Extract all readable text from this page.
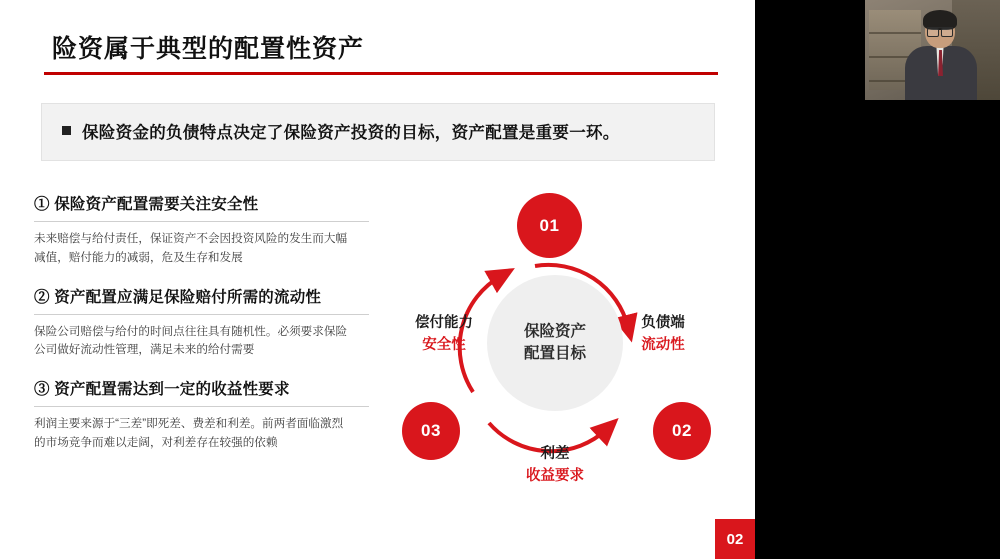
险资属于典型的配置性资产
保险资金的负债特点决定了保险资产投资的目标，资产配置是重要一环。
① 保险资产配置需要关注安全性
未来赔偿与给付责任，保证资产不会因投资风险的发生而大幅减值，赔付能力的减弱，危及生存和发展
② 资产配置应满足保险赔付所需的流动性
保险公司赔偿与给付的时间点往往具有随机性。必须要求保险公司做好流动性管理，满足未来的给付需要
③ 资产配置需达到一定的收益性要求
利润主要来源于“三差”即死差、费差和利差。前两者面临激烈的市场竞争而难以走阔，对利差存在较强的依赖
保险资产
配置目标
01
02
03
偿付能力
安全性
负债端
流动性
利差
收益要求
02
